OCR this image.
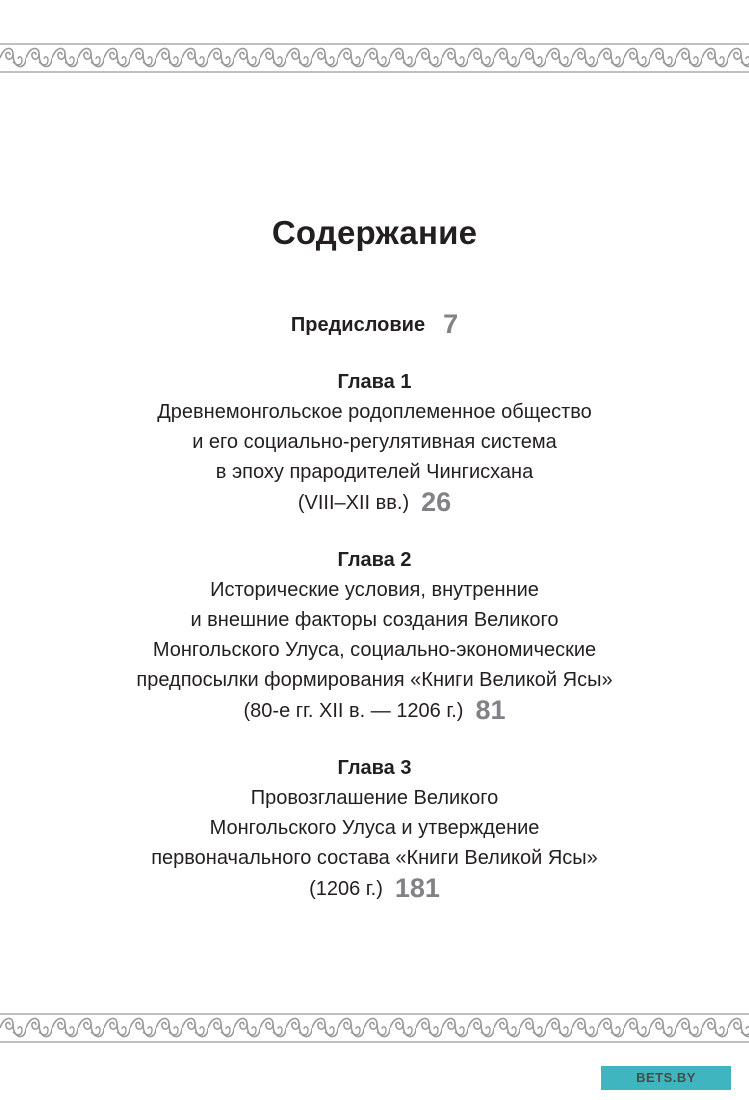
Содержание
Предисловие 7
Глава 1
Древнемонгольское родоплеменное общество
и его социально-регулятивная система
в эпоху прародителей Чингисхана
(VIII–XII вв.) 26
Глава 2
Исторические условия, внутренние
и внешние факторы создания Великого
Монгольского Улуса, социально-экономические
предпосылки формирования «Книги Великой Ясы»
(80-е гг. XII в. — 1206 г.) 81
Глава 3
Провозглашение Великого
Монгольского Улуса и утверждение
первоначального состава «Книги Великой Ясы»
(1206 г.) 181
BETS.BY
